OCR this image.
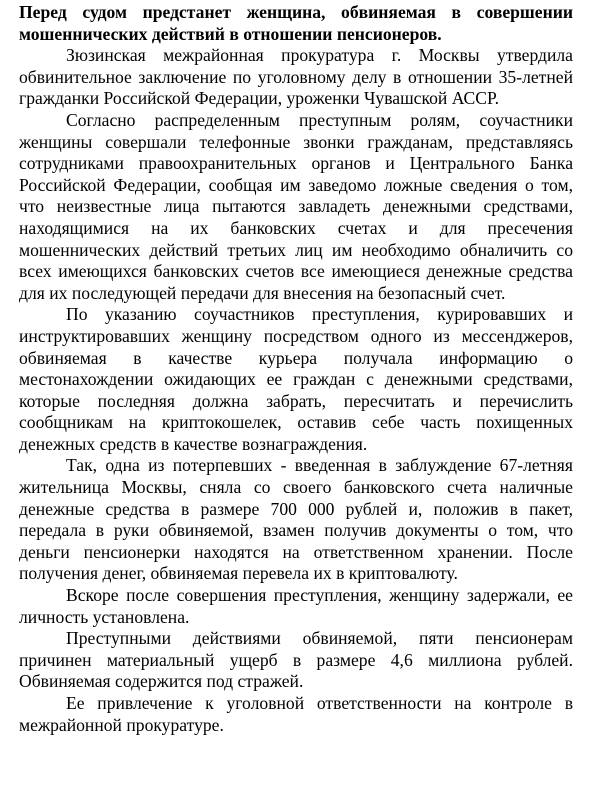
Перед судом предстанет женщина, обвиняемая в совершении мошеннических действий в отношении пенсионеров.

Зюзинская межрайонная прокуратура г. Москвы утвердила обвинительное заключение по уголовному делу в отношении 35-летней гражданки Российской Федерации, уроженки Чувашской АССР.

Согласно распределенным преступным ролям, соучастники женщины совершали телефонные звонки гражданам, представляясь сотрудниками правоохранительных органов и Центрального Банка Российской Федерации, сообщая им заведомо ложные сведения о том, что неизвестные лица пытаются завладеть денежными средствами, находящимися на их банковских счетах и для пресечения мошеннических действий третьих лиц им необходимо обналичить со всех имеющихся банковских счетов все имеющиеся денежные средства для их последующей передачи для внесения на безопасный счет.

По указанию соучастников преступления, курировавших и инструктировавших женщину посредством одного из мессенджеров, обвиняемая в качестве курьера получала информацию о местонахождении ожидающих ее граждан с денежными средствами, которые последняя должна забрать, пересчитать и перечислить сообщникам на криптокошелек, оставив себе часть похищенных денежных средств в качестве вознаграждения.

Так, одна из потерпевших - введенная в заблуждение 67-летняя жительница Москвы, сняла со своего банковского счета наличные денежные средства в размере 700 000 рублей и, положив в пакет, передала в руки обвиняемой, взамен получив документы о том, что деньги пенсионерки находятся на ответственном хранении. После получения денег, обвиняемая перевела их в криптовалюту.

Вскоре после совершения преступления, женщину задержали, ее личность установлена.

Преступными действиями обвиняемой, пяти пенсионерам причинен материальный ущерб в размере 4,6 миллиона рублей. Обвиняемая содержится под стражей.

Ее привлечение к уголовной ответственности на контроле в межрайонной прокуратуре.
